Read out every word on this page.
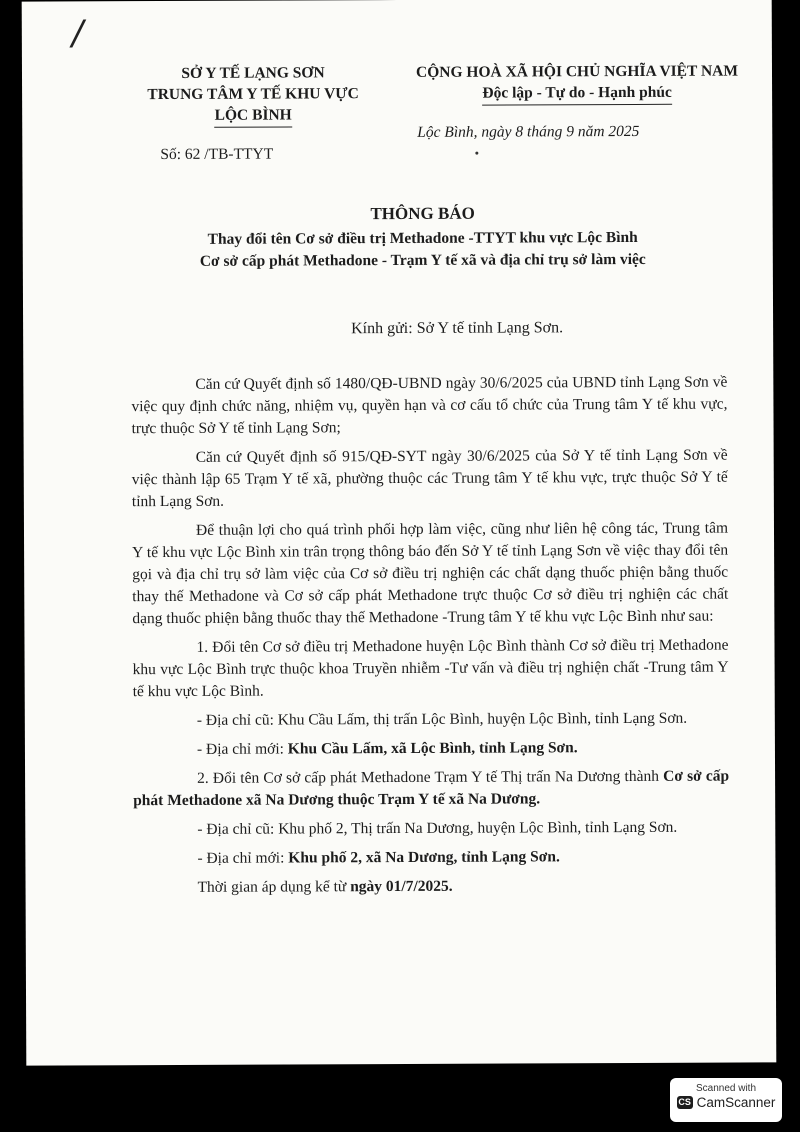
/
SỞ Y TẾ LẠNG SƠN
TRUNG TÂM Y TẾ KHU VỰC
LỘC BÌNH
Số: 62 /TB-TTYT
CỘNG HOÀ XÃ HỘI CHỦ NGHĨA VIỆT NAM
Độc lập - Tự do - Hạnh phúc
Lộc Bình, ngày 8 tháng 9 năm 2025
THÔNG BÁO
Thay đổi tên Cơ sở điều trị Methadone -TTYT khu vực Lộc Bình
Cơ sở cấp phát Methadone - Trạm Y tế xã và địa chỉ trụ sở làm việc
Kính gửi: Sở Y tế tỉnh Lạng Sơn.

Căn cứ Quyết định số 1480/QĐ-UBND ngày 30/6/2025 của UBND tỉnh Lạng Sơn về việc quy định chức năng, nhiệm vụ, quyền hạn và cơ cấu tổ chức của Trung tâm Y tế khu vực, trực thuộc Sở Y tế tỉnh Lạng Sơn;

Căn cứ Quyết định số 915/QĐ-SYT ngày 30/6/2025 của Sở Y tế tỉnh Lạng Sơn về việc thành lập 65 Trạm Y tế xã, phường thuộc các Trung tâm Y tế khu vực, trực thuộc Sở Y tế tỉnh Lạng Sơn.

Để thuận lợi cho quá trình phối hợp làm việc, cũng như liên hệ công tác, Trung tâm Y tế khu vực Lộc Bình xin trân trọng thông báo đến Sở Y tế tỉnh Lạng Sơn về việc thay đổi tên gọi và địa chỉ trụ sở làm việc của Cơ sở điều trị nghiện các chất dạng thuốc phiện bằng thuốc thay thế Methadone và Cơ sở cấp phát Methadone trực thuộc Cơ sở điều trị nghiện các chất dạng thuốc phiện bằng thuốc thay thế Methadone -Trung tâm Y tế khu vực Lộc Bình như sau:

1. Đổi tên Cơ sở điều trị Methadone huyện Lộc Bình thành Cơ sở điều trị Methadone khu vực Lộc Bình trực thuộc khoa Truyền nhiễm -Tư vấn và điều trị nghiện chất -Trung tâm Y tế khu vực Lộc Bình.

- Địa chỉ cũ: Khu Cầu Lấm, thị trấn Lộc Bình, huyện Lộc Bình, tỉnh Lạng Sơn.

- Địa chỉ mới: Khu Cầu Lấm, xã Lộc Bình, tỉnh Lạng Sơn.

2. Đổi tên Cơ sở cấp phát Methadone Trạm Y tế Thị trấn Na Dương thành Cơ sở cấp phát Methadone xã Na Dương thuộc Trạm Y tế xã Na Dương.

- Địa chỉ cũ: Khu phố 2, Thị trấn Na Dương, huyện Lộc Bình, tỉnh Lạng Sơn.

- Địa chỉ mới: Khu phố 2, xã Na Dương, tỉnh Lạng Sơn.

Thời gian áp dụng kể từ ngày 01/7/2025.

Scanned with
CS CamScanner
